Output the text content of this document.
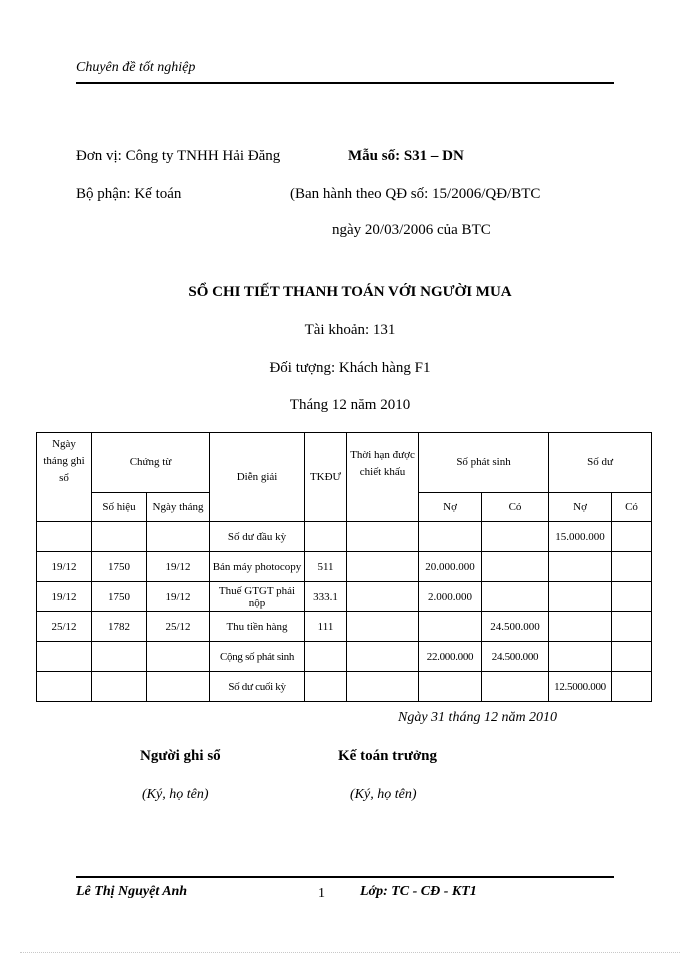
Chuyên đề tốt nghiệp
Đơn vị: Công ty TNHH Hải Đăng	Mẫu số: S31 – DN
Bộ phận: Kế toán	(Ban hành theo QĐ số: 15/2006/QĐ/BTC
ngày 20/03/2006 của BTC
SỔ CHI TIẾT THANH TOÁN VỚI NGƯỜI MUA
Tài khoản: 131
Đối tượng: Khách hàng F1
Tháng 12 năm 2010
Ngày tháng ghi sổ	Chứng từ		Diễn giải	TKĐƯ	Thời hạn được chiết khấu	Số phát sinh		Số dư	
	Số hiệu	Ngày tháng				Nợ	Có	Nợ	Có
			Số dư đầu kỳ					15.000.000	
19/12	1750	19/12	Bán máy photocopy	511		20.000.000			
19/12	1750	19/12	Thuế GTGT phải nộp	333.1		2.000.000			
25/12	1782	25/12	Thu tiền hàng	111			24.500.000		
			Cộng số phát sinh			22.000.000	24.500.000		
			Số dư cuối kỳ					12.5000.000	
Ngày 31 tháng 12 năm 2010
Người ghi sổ
(Ký, họ tên)
Kế toán trưởng
(Ký, họ tên)
Lê Thị Nguyệt Anh	1	Lớp: TC - CĐ - KT1
